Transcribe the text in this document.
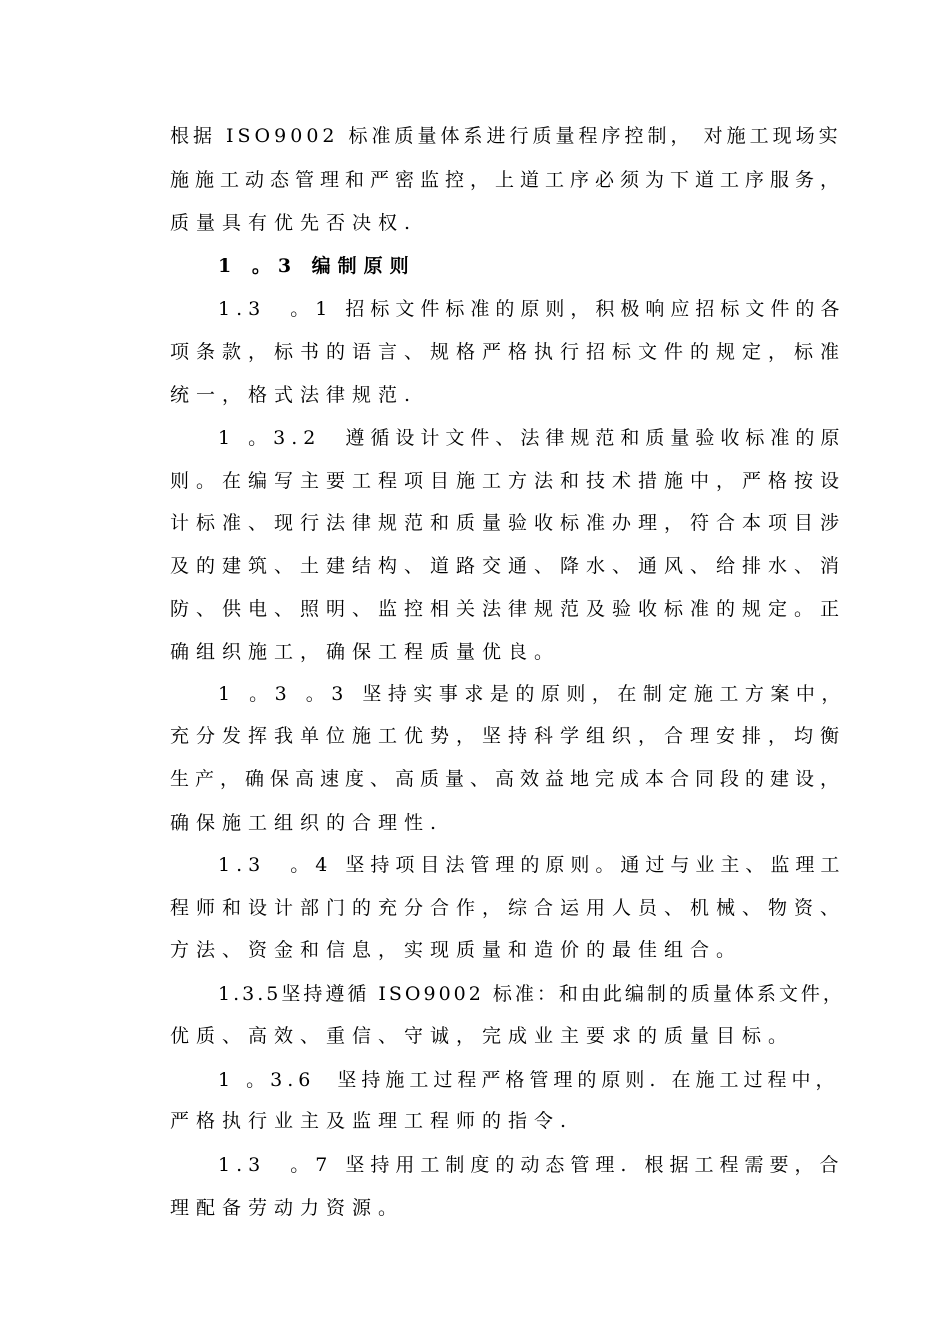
根据 ISO9002 标准质量体系进行质量程序控制， 对施工现场实
施施工动态管理和严密监控，上道工序必须为下道工序服务，
质量具有优先否决权.
1 。3 编制原则
1.3  。1 招标文件标准的原则，积极响应招标文件的各
项条款，标书的语言、规格严格执行招标文件的规定，标准
统一，格式法律规范.
1 。3.2  遵循设计文件、法律规范和质量验收标准的原
则。在编写主要工程项目施工方法和技术措施中，严格按设
计标准、现行法律规范和质量验收标准办理，符合本项目涉
及的建筑、土建结构、道路交通、降水、通风、给排水、消
防、供电、照明、监控相关法律规范及验收标准的规定。正
确组织施工，确保工程质量优良。
1 。3 。3 坚持实事求是的原则，在制定施工方案中，
充分发挥我单位施工优势，坚持科学组织，合理安排，均衡
生产，确保高速度、高质量、高效益地完成本合同段的建设，
确保施工组织的合理性.
1.3  。4 坚持项目法管理的原则。通过与业主、监理工
程师和设计部门的充分合作，综合运用人员、机械、物资、
方法、资金和信息，实现质量和造价的最佳组合。
1.3.5坚持遵循 ISO9002 标准：和由此编制的质量体系文件，
优质、高效、重信、守诚，完成业主要求的质量目标。
1 。3.6  坚持施工过程严格管理的原则. 在施工过程中，
严格执行业主及监理工程师的指令.
1.3  。7 坚持用工制度的动态管理. 根据工程需要，合
理配备劳动力资源。
